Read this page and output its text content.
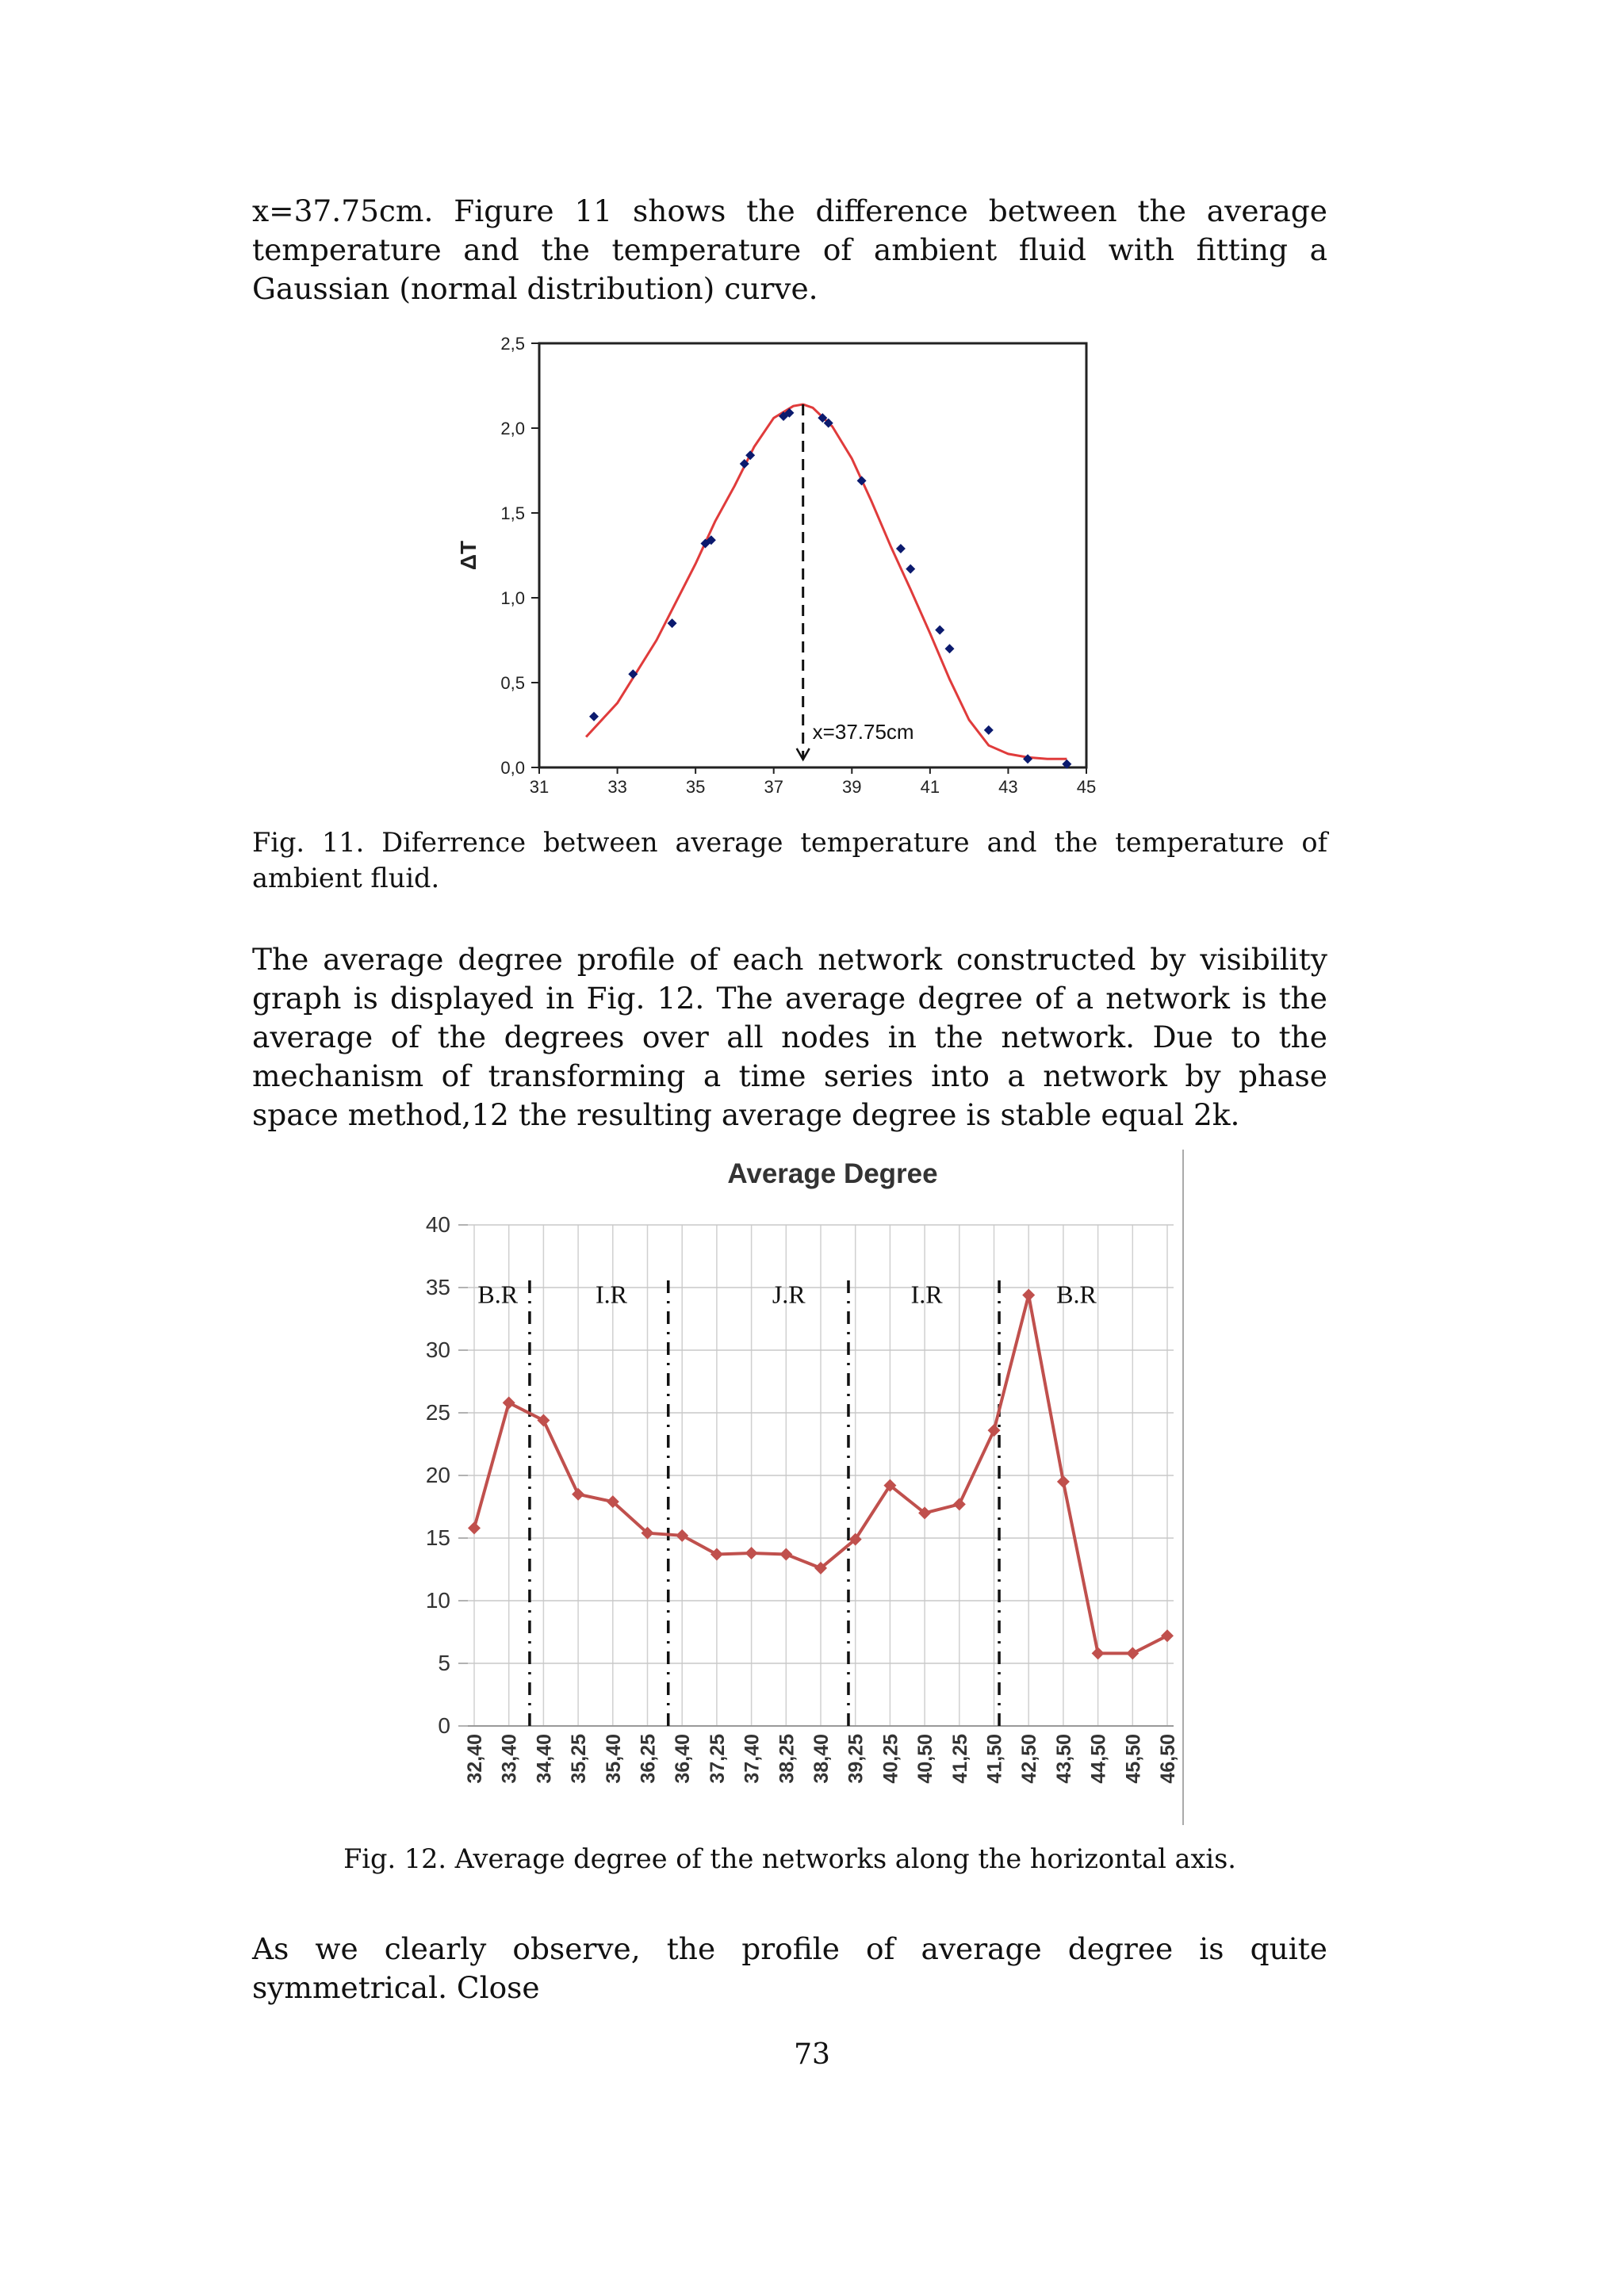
x=37.75cm. Figure 11 shows the difference between the average temperature and the temperature of ambient fluid with fitting a Gaussian (normal distribution) curve.

0,0
0,5
1,0
1,5
2,0
2,5
31	33	35	37	39	41	43	45
ΔT
x=37.75cm

Fig. 11. Diferrence between average temperature and the temperature of ambient fluid.

The average degree profile of each network constructed by visibility graph is displayed in Fig. 12. The average degree of a network is the average of the degrees over all nodes in the network. Due to the mechanism of transforming a time series into a network by phase space method,12 the resulting average degree is stable equal 2k.

Average Degree
0
5
10
15
20
25
30
35
40
32,40 33,40 34,40 35,25 35,40 36,25 36,40 37,25 37,40 38,25 38,40 39,25 40,25 40,50 41,25 41,50 42,50 43,50 44,50 45,50 46,50
B.R	I.R	J.R	I.R	B.R

Fig. 12. Average degree of the networks along the horizontal axis.

As we clearly observe, the profile of average degree is quite symmetrical. Close

73
